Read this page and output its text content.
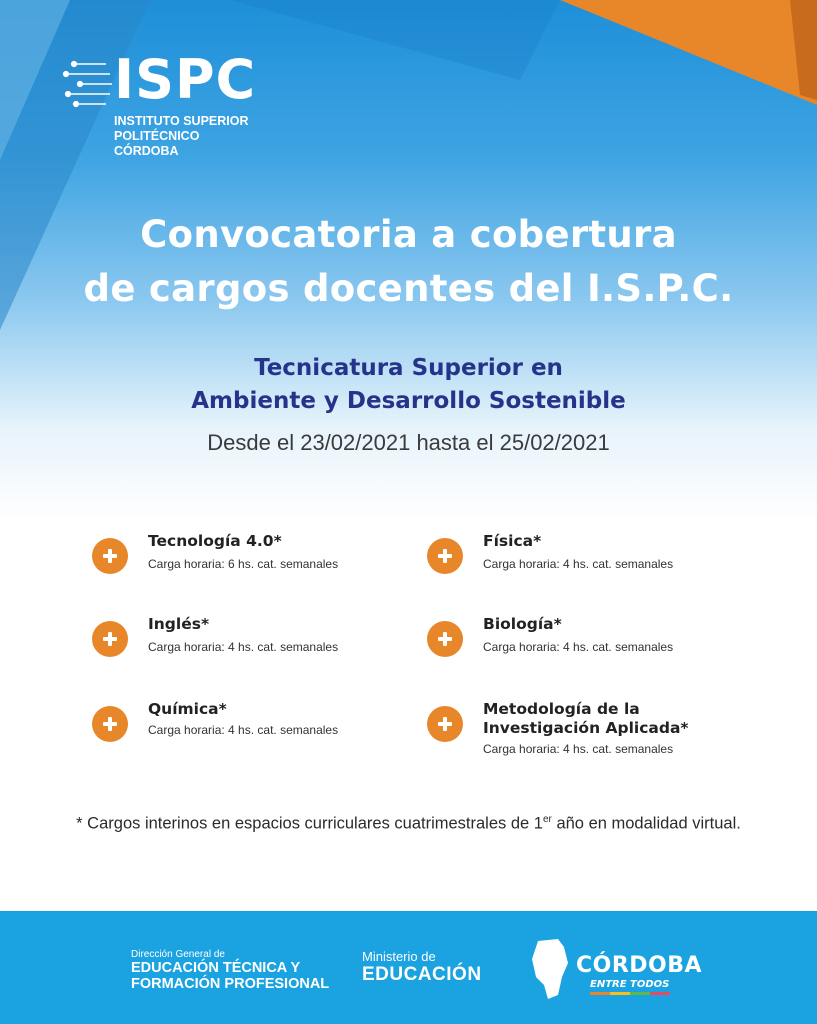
ISPC
INSTITUTO SUPERIOR
POLITÉCNICO CÓRDOBA
Convocatoria a cobertura
de cargos docentes del I.S.P.C.
Tecnicatura Superior en
Ambiente y Desarrollo Sostenible
Desde el 23/02/2021 hasta el 25/02/2021
Tecnología 4.0*
Carga horaria: 6 hs. cat. semanales
Física*
Carga horaria: 4 hs. cat. semanales
Inglés*
Carga horaria: 4 hs. cat. semanales
Biología*
Carga horaria: 4 hs. cat. semanales
Química*
Carga horaria: 4 hs. cat. semanales
Metodología de la
Investigación Aplicada*
Carga horaria: 4 hs. cat. semanales
* Cargos interinos en espacios curriculares cuatrimestrales de 1er año en modalidad virtual.
Dirección General de
EDUCACIÓN TÉCNICA Y
FORMACIÓN PROFESIONAL
Ministerio de
EDUCACIÓN	CÓRDOBA
ENTRE TODOS
